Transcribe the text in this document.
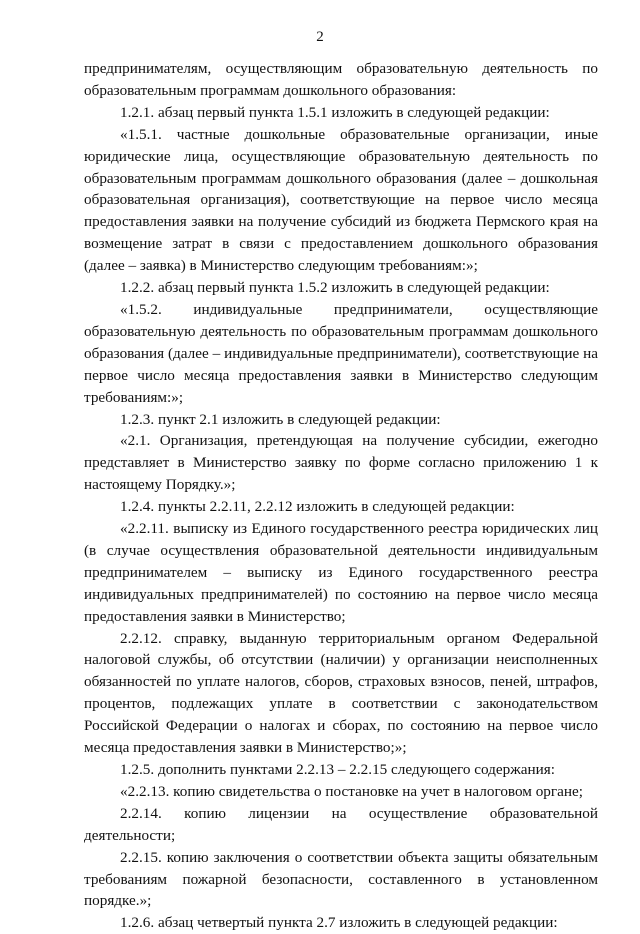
2

предпринимателям, осуществляющим образовательную деятельность по образовательным программам дошкольного образования:

1.2.1. абзац первый пункта 1.5.1 изложить в следующей редакции:

«1.5.1. частные дошкольные образовательные организации, иные юридические лица, осуществляющие образовательную деятельность по образовательным программам дошкольного образования (далее – дошкольная образовательная организация), соответствующие на первое число месяца предоставления заявки на получение субсидий из бюджета Пермского края на возмещение затрат в связи с предоставлением дошкольного образования (далее – заявка) в Министерство следующим требованиям:»;

1.2.2. абзац первый пункта 1.5.2 изложить в следующей редакции:

«1.5.2. индивидуальные предприниматели, осуществляющие образовательную деятельность по образовательным программам дошкольного образования (далее – индивидуальные предприниматели), соответствующие на первое число месяца предоставления заявки в Министерство следующим требованиям:»;

1.2.3. пункт 2.1 изложить в следующей редакции:

«2.1. Организация, претендующая на получение субсидии, ежегодно представляет в Министерство заявку по форме согласно приложению 1 к настоящему Порядку.»;

1.2.4. пункты 2.2.11, 2.2.12 изложить в следующей редакции:

«2.2.11. выписку из Единого государственного реестра юридических лиц (в случае осуществления образовательной деятельности индивидуальным предпринимателем – выписку из Единого государственного реестра индивидуальных предпринимателей) по состоянию на первое число месяца предоставления заявки в Министерство;

2.2.12. справку, выданную территориальным органом Федеральной налоговой службы, об отсутствии (наличии) у организации неисполненных обязанностей по уплате налогов, сборов, страховых взносов, пеней, штрафов, процентов, подлежащих уплате в соответствии с законодательством Российской Федерации о налогах и сборах, по состоянию на первое число месяца предоставления заявки в Министерство;»;

1.2.5. дополнить пунктами 2.2.13 – 2.2.15 следующего содержания:

«2.2.13. копию свидетельства о постановке на учет в налоговом органе;

2.2.14. копию лицензии на осуществление образовательной деятельности;

2.2.15. копию заключения о соответствии объекта защиты обязательным требованиям пожарной безопасности, составленного в установленном порядке.»;

1.2.6. абзац четвертый пункта 2.7 изложить в следующей редакции:
